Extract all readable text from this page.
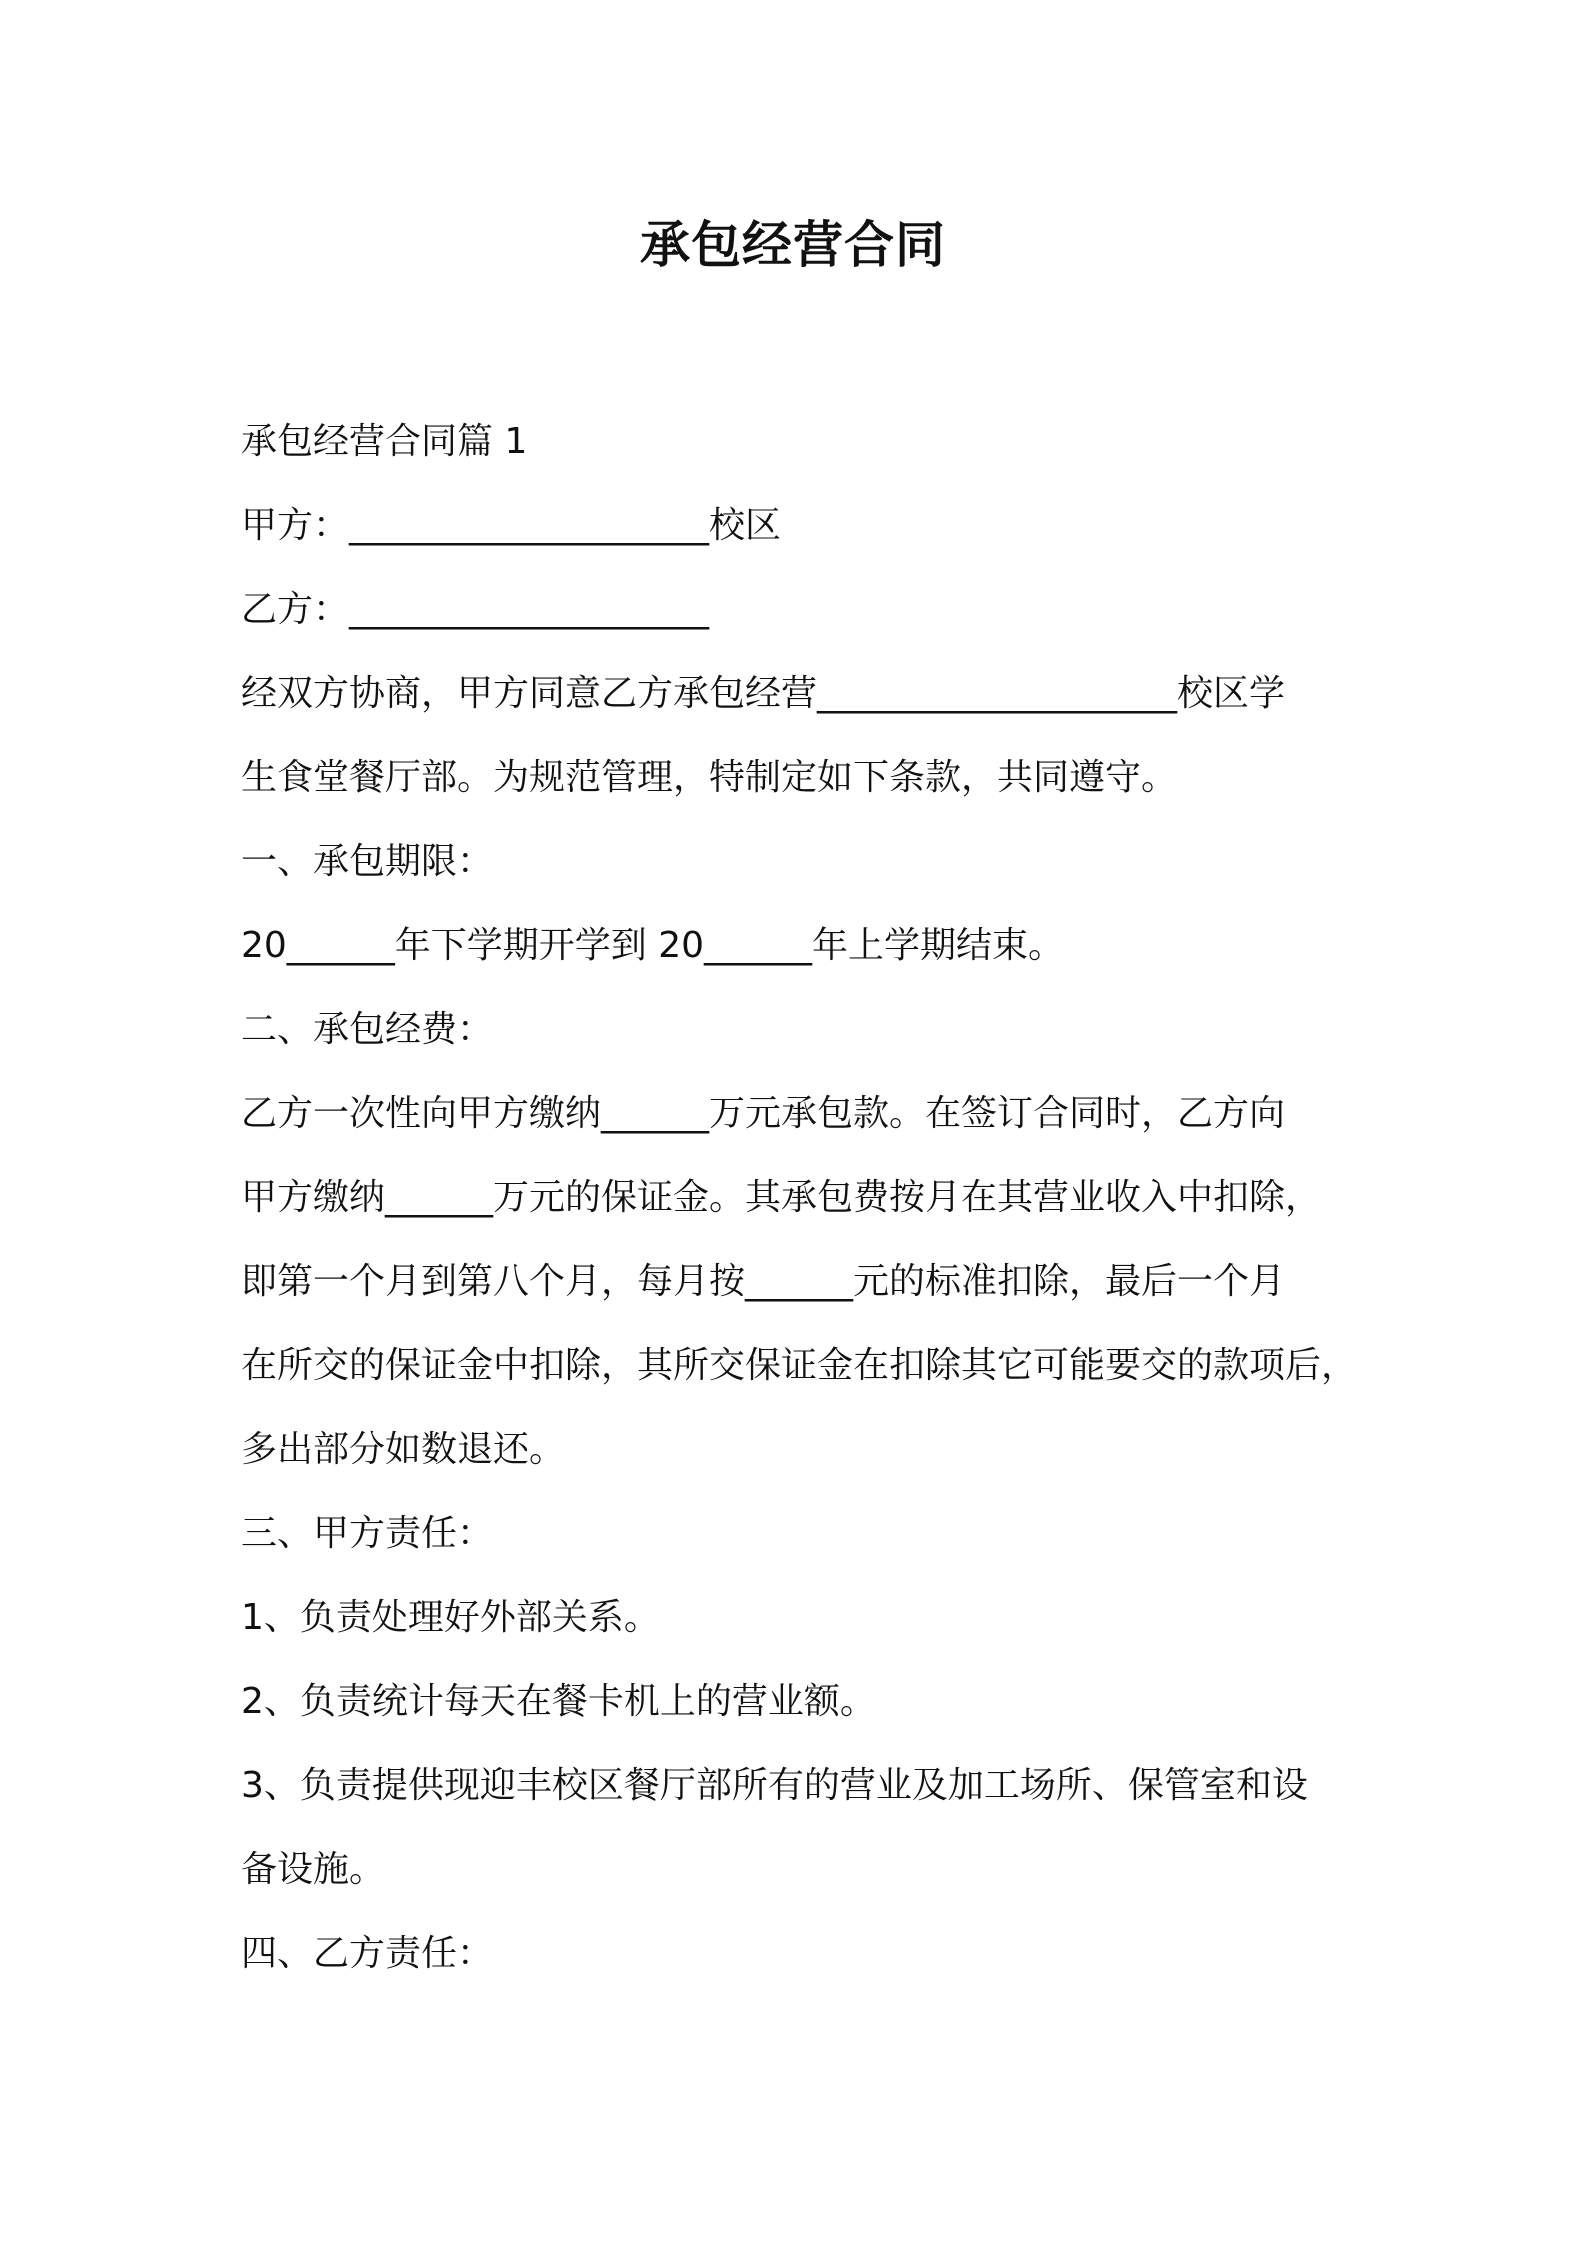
承包经营合同
承包经营合同篇 1
甲方：____________________校区
乙方：____________________
经双方协商，甲方同意乙方承包经营____________________校区学
生食堂餐厅部。为规范管理，特制定如下条款，共同遵守。
一、承包期限：
20______年下学期开学到 20______年上学期结束。
二、承包经费：
乙方一次性向甲方缴纳______万元承包款。在签订合同时，乙方向
甲方缴纳______万元的保证金。其承包费按月在其营业收入中扣除，
即第一个月到第八个月，每月按______元的标准扣除，最后一个月
在所交的保证金中扣除，其所交保证金在扣除其它可能要交的款项后，
多出部分如数退还。
三、甲方责任：
1、负责处理好外部关系。
2、负责统计每天在餐卡机上的营业额。
3、负责提供现迎丰校区餐厅部所有的营业及加工场所、保管室和设
备设施。
四、乙方责任：
